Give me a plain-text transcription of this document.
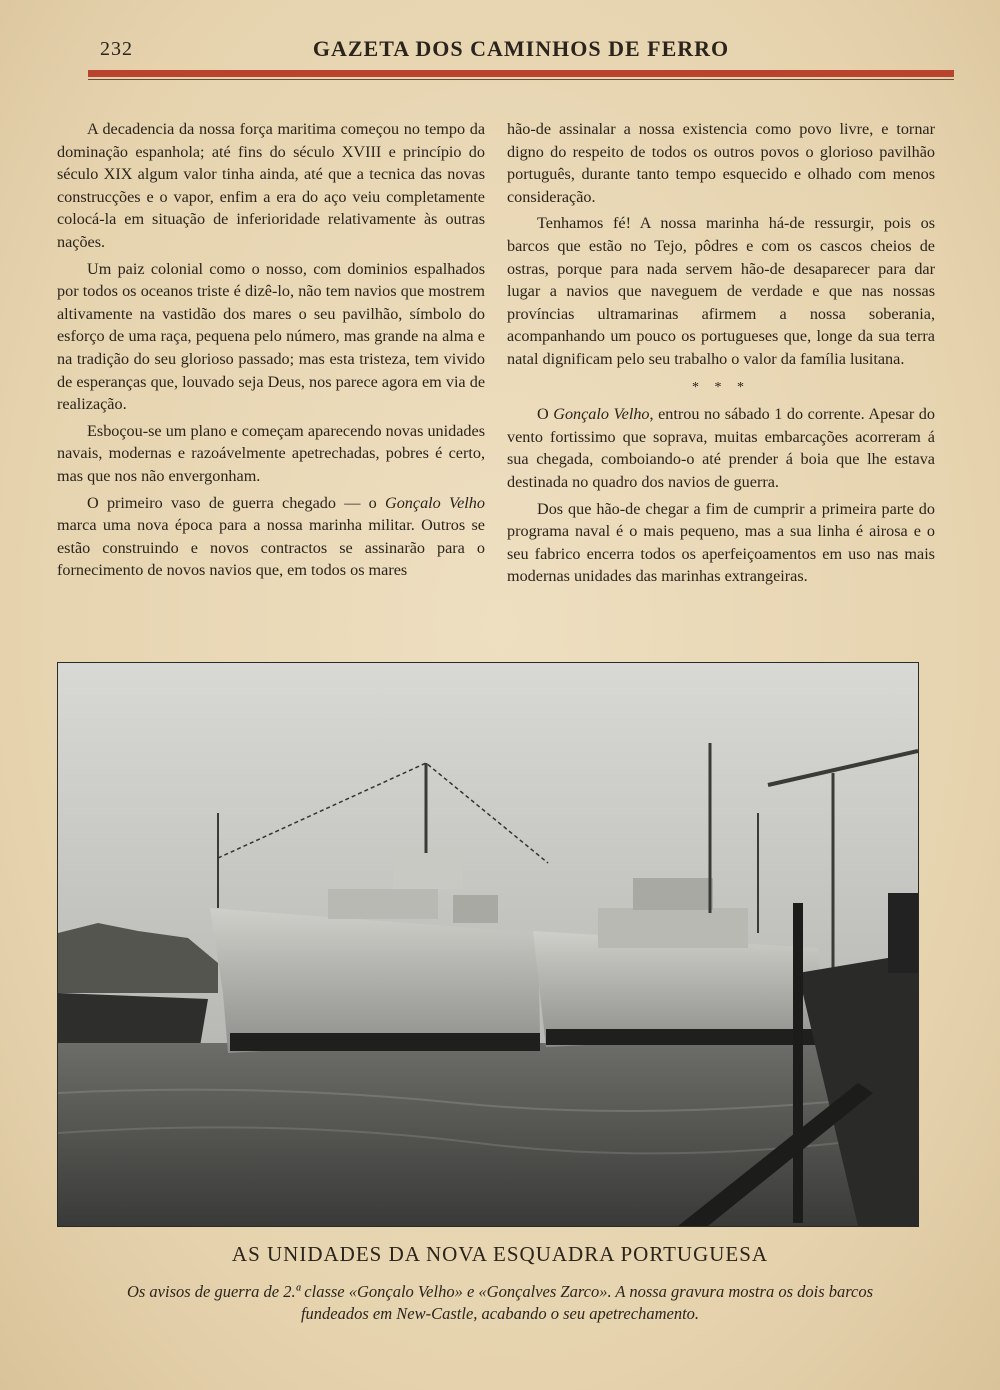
232	GAZETA DOS CAMINHOS DE FERRO

A decadencia da nossa força maritima começou no tempo da dominação espanhola; até fins do século XVIII e princípio do século XIX algum valor tinha ainda, até que a tecnica das novas construcções e o vapor, enfim a era do aço veiu completamente colocá-la em situação de inferioridade relativamente às outras nações.

Um paiz colonial como o nosso, com dominios espalhados por todos os oceanos triste é dizê-lo, não tem navios que mostrem altivamente na vastidão dos mares o seu pavilhão, símbolo do esforço de uma raça, pequena pelo número, mas grande na alma e na tradição do seu glorioso passado; mas esta tristeza, tem vivido de esperanças que, louvado seja Deus, nos parece agora em via de realização.

Esboçou-se um plano e começam aparecendo novas unidades navais, modernas e razoávelmente apetrechadas, pobres é certo, mas que nos não envergonham.

O primeiro vaso de guerra chegado — o Gonçalo Velho marca uma nova época para a nossa marinha militar. Outros se estão construindo e novos contractos se assinarão para o fornecimento de novos navios que, em todos os mares

hão-de assinalar a nossa existencia como povo livre, e tornar digno do respeito de todos os outros povos o glorioso pavilhão português, durante tanto tempo esquecido e olhado com menos consideração.

Tenhamos fé! A nossa marinha há-de ressurgir, pois os barcos que estão no Tejo, pôdres e com os cascos cheios de ostras, porque para nada servem hão-de desaparecer para dar lugar a navios que naveguem de verdade e que nas nossas províncias ultramarinas afirmem a nossa soberania, acompanhando um pouco os portugueses que, longe da sua terra natal dignificam pelo seu trabalho o valor da família lusitana.

* * *

O Gonçalo Velho, entrou no sábado 1 do corrente. Apesar do vento fortissimo que soprava, muitas embarcações acorreram á sua chegada, comboiando-o até prender á boia que lhe estava destinada no quadro dos navios de guerra.

Dos que hão-de chegar a fim de cumprir a primeira parte do programa naval é o mais pequeno, mas a sua linha é airosa e o seu fabrico encerra todos os aperfeiçoamentos em uso nas mais modernas unidades das marinhas extrangeiras.

AS UNIDADES DA NOVA ESQUADRA PORTUGUESA
Os avisos de guerra de 2.ª classe «Gonçalo Velho» e «Gonçalves Zarco». A nossa gravura mostra os dois barcos fundeados em New-Castle, acabando o seu apetrechamento.
